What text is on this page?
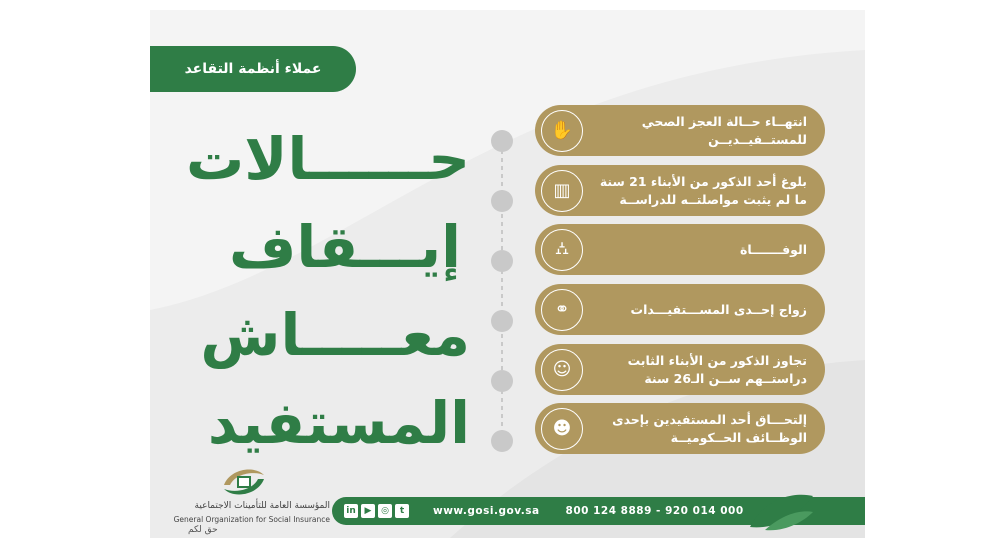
عملاء أنظمة التقاعد
حــــــالات
إيـــقاف
معـــــاش
المستفيد
انتهــاء حــالة العجز الصحي
للمستــفيــديــن
✋
بلوغ أحد الذكور من الأبناء 21 سنة
ما لم يثبت مواصلتــه للدراســة
▥
الوفـــــــاة
⛼
زواج إحــدى المســـتفيـــدات
⚭
تجاوز الذكور من الأبناء الثابت
دراستــهم ســن الـ26 سنة
☺
إلتحـــاق أحد المستفيدين بإحدى
الوظــائف الحــكوميــة
☻
in ▶	◎	t	www.gosi.gov.sa 800 124 8889 - 920 014 000
المؤسسة العامة للتأمينات الاجتماعية
General Organization for Social Insurance
حق لكم
